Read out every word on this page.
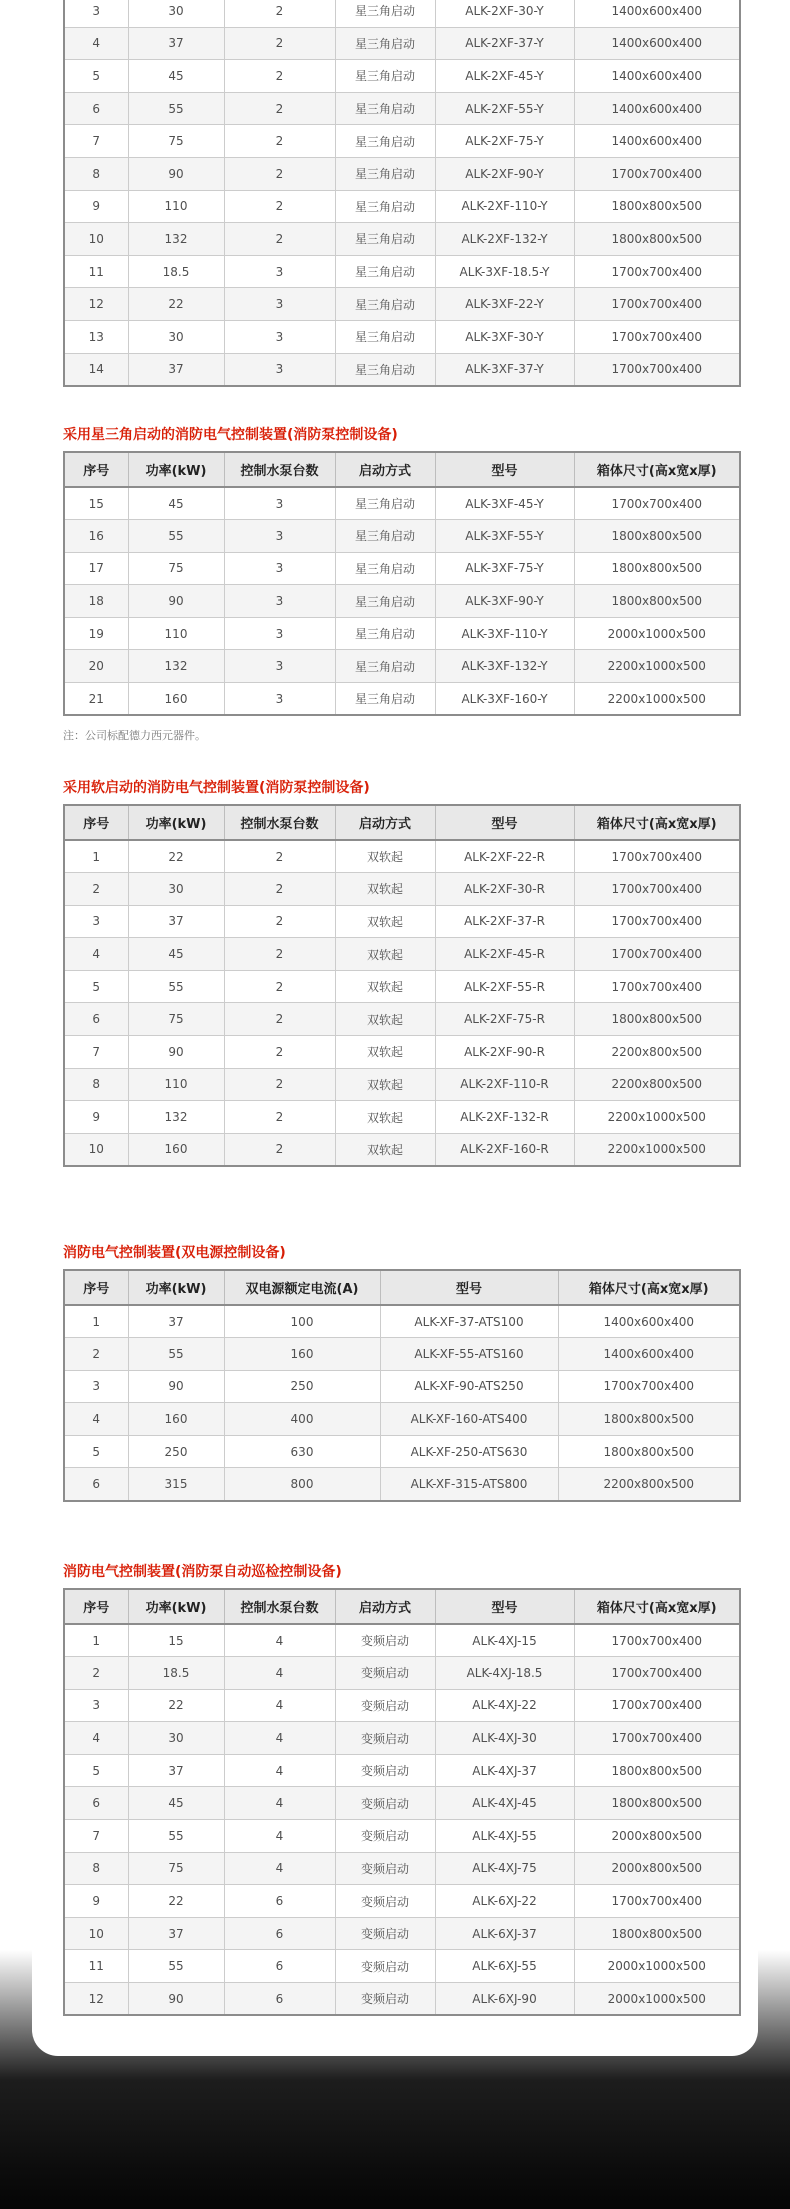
3	30	2	星三角启动	ALK-2XF-30-Y	1400x600x400
4	37	2	星三角启动	ALK-2XF-37-Y	1400x600x400
5	45	2	星三角启动	ALK-2XF-45-Y	1400x600x400
6	55	2	星三角启动	ALK-2XF-55-Y	1400x600x400
7	75	2	星三角启动	ALK-2XF-75-Y	1400x600x400
8	90	2	星三角启动	ALK-2XF-90-Y	1700x700x400
9	110	2	星三角启动	ALK-2XF-110-Y	1800x800x500
10	132	2	星三角启动	ALK-2XF-132-Y	1800x800x500
11	18.5	3	星三角启动	ALK-3XF-18.5-Y	1700x700x400
12	22	3	星三角启动	ALK-3XF-22-Y	1700x700x400
13	30	3	星三角启动	ALK-3XF-30-Y	1700x700x400
14	37	3	星三角启动	ALK-3XF-37-Y	1700x700x400
采用星三角启动的消防电气控制装置(消防泵控制设备)
序号	功率(kW)	控制水泵台数	启动方式	型号	箱体尺寸(高x宽x厚)
15	45	3	星三角启动	ALK-3XF-45-Y	1700x700x400
16	55	3	星三角启动	ALK-3XF-55-Y	1800x800x500
17	75	3	星三角启动	ALK-3XF-75-Y	1800x800x500
18	90	3	星三角启动	ALK-3XF-90-Y	1800x800x500
19	110	3	星三角启动	ALK-3XF-110-Y	2000x1000x500
20	132	3	星三角启动	ALK-3XF-132-Y	2200x1000x500
21	160	3	星三角启动	ALK-3XF-160-Y	2200x1000x500
注：公司标配德力西元器件。
采用软启动的消防电气控制装置(消防泵控制设备)
序号	功率(kW)	控制水泵台数	启动方式	型号	箱体尺寸(高x宽x厚)
1	22	2	双软起	ALK-2XF-22-R	1700x700x400
2	30	2	双软起	ALK-2XF-30-R	1700x700x400
3	37	2	双软起	ALK-2XF-37-R	1700x700x400
4	45	2	双软起	ALK-2XF-45-R	1700x700x400
5	55	2	双软起	ALK-2XF-55-R	1700x700x400
6	75	2	双软起	ALK-2XF-75-R	1800x800x500
7	90	2	双软起	ALK-2XF-90-R	2200x800x500
8	110	2	双软起	ALK-2XF-110-R	2200x800x500
9	132	2	双软起	ALK-2XF-132-R	2200x1000x500
10	160	2	双软起	ALK-2XF-160-R	2200x1000x500
消防电气控制装置(双电源控制设备)
序号	功率(kW)	双电源额定电流(A)	型号	箱体尺寸(高x宽x厚)
1	37	100	ALK-XF-37-ATS100	1400x600x400
2	55	160	ALK-XF-55-ATS160	1400x600x400
3	90	250	ALK-XF-90-ATS250	1700x700x400
4	160	400	ALK-XF-160-ATS400	1800x800x500
5	250	630	ALK-XF-250-ATS630	1800x800x500
6	315	800	ALK-XF-315-ATS800	2200x800x500
消防电气控制装置(消防泵自动巡检控制设备)
序号	功率(kW)	控制水泵台数	启动方式	型号	箱体尺寸(高x宽x厚)
1	15	4	变频启动	ALK-4XJ-15	1700x700x400
2	18.5	4	变频启动	ALK-4XJ-18.5	1700x700x400
3	22	4	变频启动	ALK-4XJ-22	1700x700x400
4	30	4	变频启动	ALK-4XJ-30	1700x700x400
5	37	4	变频启动	ALK-4XJ-37	1800x800x500
6	45	4	变频启动	ALK-4XJ-45	1800x800x500
7	55	4	变频启动	ALK-4XJ-55	2000x800x500
8	75	4	变频启动	ALK-4XJ-75	2000x800x500
9	22	6	变频启动	ALK-6XJ-22	1700x700x400
10	37	6	变频启动	ALK-6XJ-37	1800x800x500
11	55	6	变频启动	ALK-6XJ-55	2000x1000x500
12	90	6	变频启动	ALK-6XJ-90	2000x1000x500
